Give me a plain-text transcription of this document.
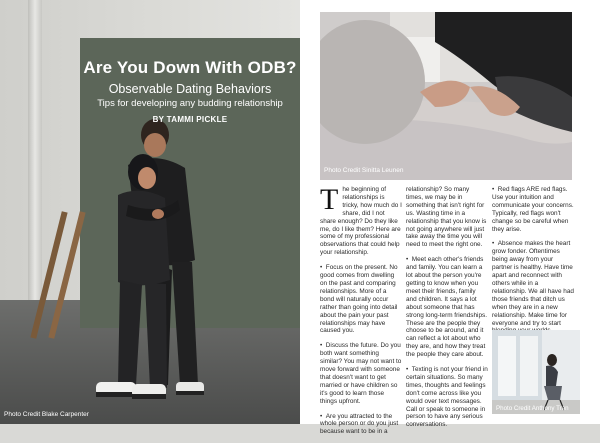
Are You Down With ODB?
Observable Dating Behaviors
Tips for developing any budding relationship
BY TAMMI PICKLE
Photo Credit Blake Carpenter
Photo Credit Sinitta Leunen

The beginning of relationships is tricky, how much do I share, did I not share enough? Do they like me, do I like them? Here are some of my professional observations that could help your relationship.

•  Focus on the present. No good comes from dwelling on the past and comparing relationships. More of a bond will naturally occur rather than going into detail about the pain your past relationships may have caused you.

•  Discuss the future. Do you both want something similar? You may not want to move forward with someone that doesn't want to get married or have children so it's good to learn those things upfront.

•  Are you attracted to the whole person or do you just because want to be in a

relationship? So many times, we may be in something that isn't right for us. Wasting time in a relationship that you know is not going anywhere will just take away the time you will need to meet the right one.

•  Meet each other's friends and family. You can learn a lot about the person you're getting to know when you meet their friends, family and children. It says a lot about someone that has strong long-term friendships. These are the people they choose to be around, and it can reflect a lot about who they are, and how they treat the people they care about.

•  Texting is not your friend in certain situations. So many times, thoughts and feelings don't come across like you would over text messages. Call or speak to someone in person to have any serious conversations.

•  Red flags ARE red flags. Use your intuition and communicate your concerns. Typically, red flags won't change so be careful when they arise.

•  Absence makes the heart grow fonder. Oftentimes being away from your partner is healthy. Have time apart and reconnect with others while in a relationship. We all have had those friends that ditch us when they are in a new relationship. Make time for everyone and try to start

Photo Credit Anthony Tran
